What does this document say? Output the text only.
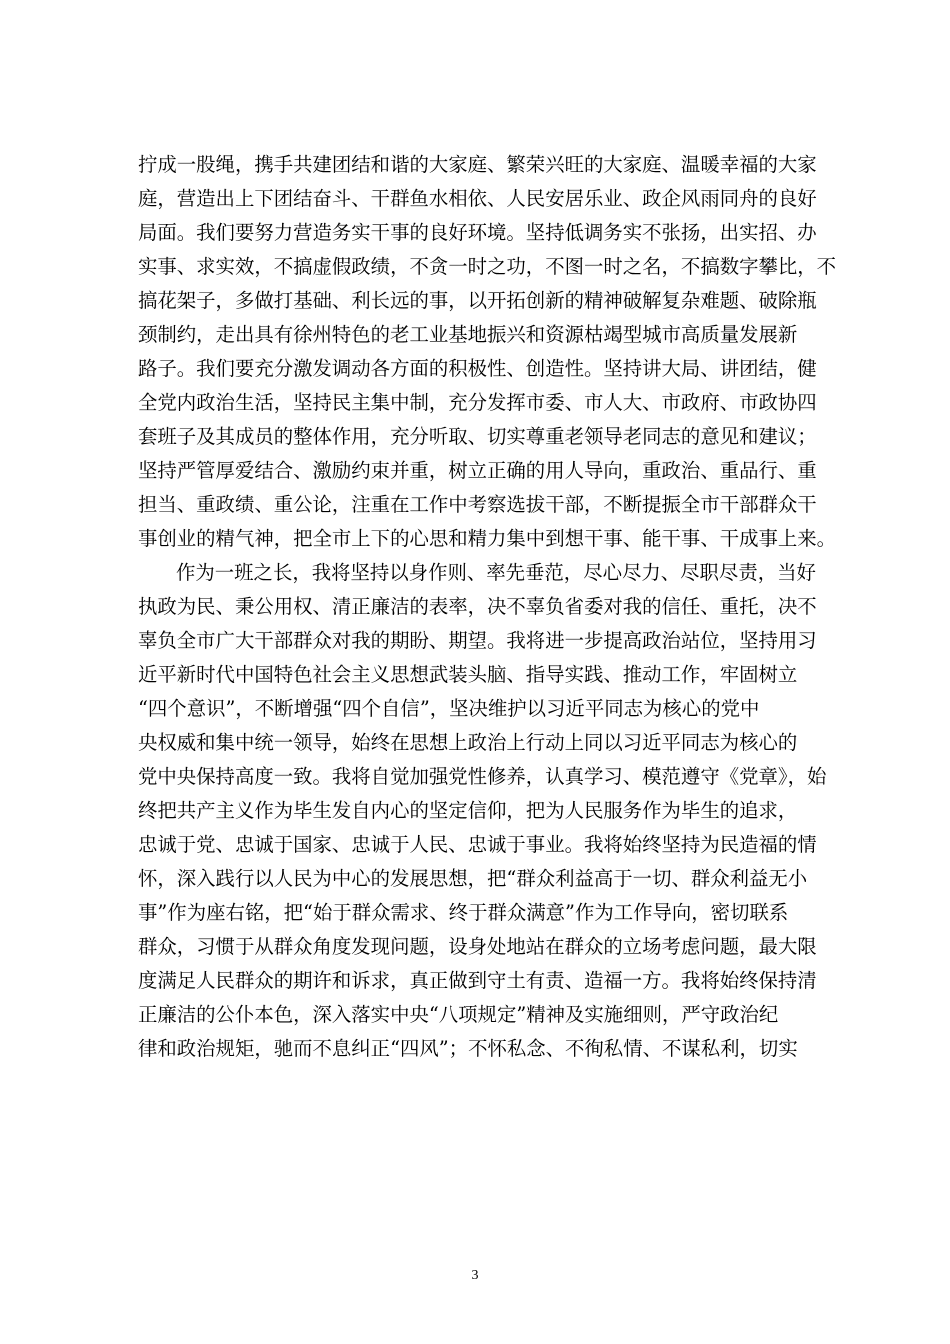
拧成一股绳，携手共建团结和谐的大家庭、繁荣兴旺的大家庭、温暖幸福的大家
庭，营造出上下团结奋斗、干群鱼水相依、人民安居乐业、政企风雨同舟的良好
局面。我们要努力营造务实干事的良好环境。坚持低调务实不张扬，出实招、办
实事、求实效，不搞虚假政绩，不贪一时之功，不图一时之名，不搞数字攀比，不
搞花架子，多做打基础、利长远的事，以开拓创新的精神破解复杂难题、破除瓶
颈制约，走出具有徐州特色的老工业基地振兴和资源枯竭型城市高质量发展新
路子。我们要充分激发调动各方面的积极性、创造性。坚持讲大局、讲团结，健
全党内政治生活，坚持民主集中制，充分发挥市委、市人大、市政府、市政协四
套班子及其成员的整体作用，充分听取、切实尊重老领导老同志的意见和建议；
坚持严管厚爱结合、激励约束并重，树立正确的用人导向，重政治、重品行、重
担当、重政绩、重公论，注重在工作中考察选拔干部，不断提振全市干部群众干
事创业的精气神，把全市上下的心思和精力集中到想干事、能干事、干成事上来。
作为一班之长，我将坚持以身作则、率先垂范，尽心尽力、尽职尽责，当好
执政为民、秉公用权、清正廉洁的表率，决不辜负省委对我的信任、重托，决不
辜负全市广大干部群众对我的期盼、期望。我将进一步提高政治站位，坚持用习
近平新时代中国特色社会主义思想武装头脑、指导实践、推动工作，牢固树立
“四个意识”，不断增强“四个自信”，坚决维护以习近平同志为核心的党中
央权威和集中统一领导，始终在思想上政治上行动上同以习近平同志为核心的
党中央保持高度一致。我将自觉加强党性修养，认真学习、模范遵守《党章》，始
终把共产主义作为毕生发自内心的坚定信仰，把为人民服务作为毕生的追求，
忠诚于党、忠诚于国家、忠诚于人民、忠诚于事业。我将始终坚持为民造福的情
怀，深入践行以人民为中心的发展思想，把“群众利益高于一切、群众利益无小
事”作为座右铭，把“始于群众需求、终于群众满意”作为工作导向，密切联系
群众，习惯于从群众角度发现问题，设身处地站在群众的立场考虑问题，最大限
度满足人民群众的期许和诉求，真正做到守土有责、造福一方。我将始终保持清
正廉洁的公仆本色，深入落实中央“八项规定”精神及实施细则，严守政治纪
律和政治规矩，驰而不息纠正“四风”；不怀私念、不徇私情、不谋私利，切实
3
